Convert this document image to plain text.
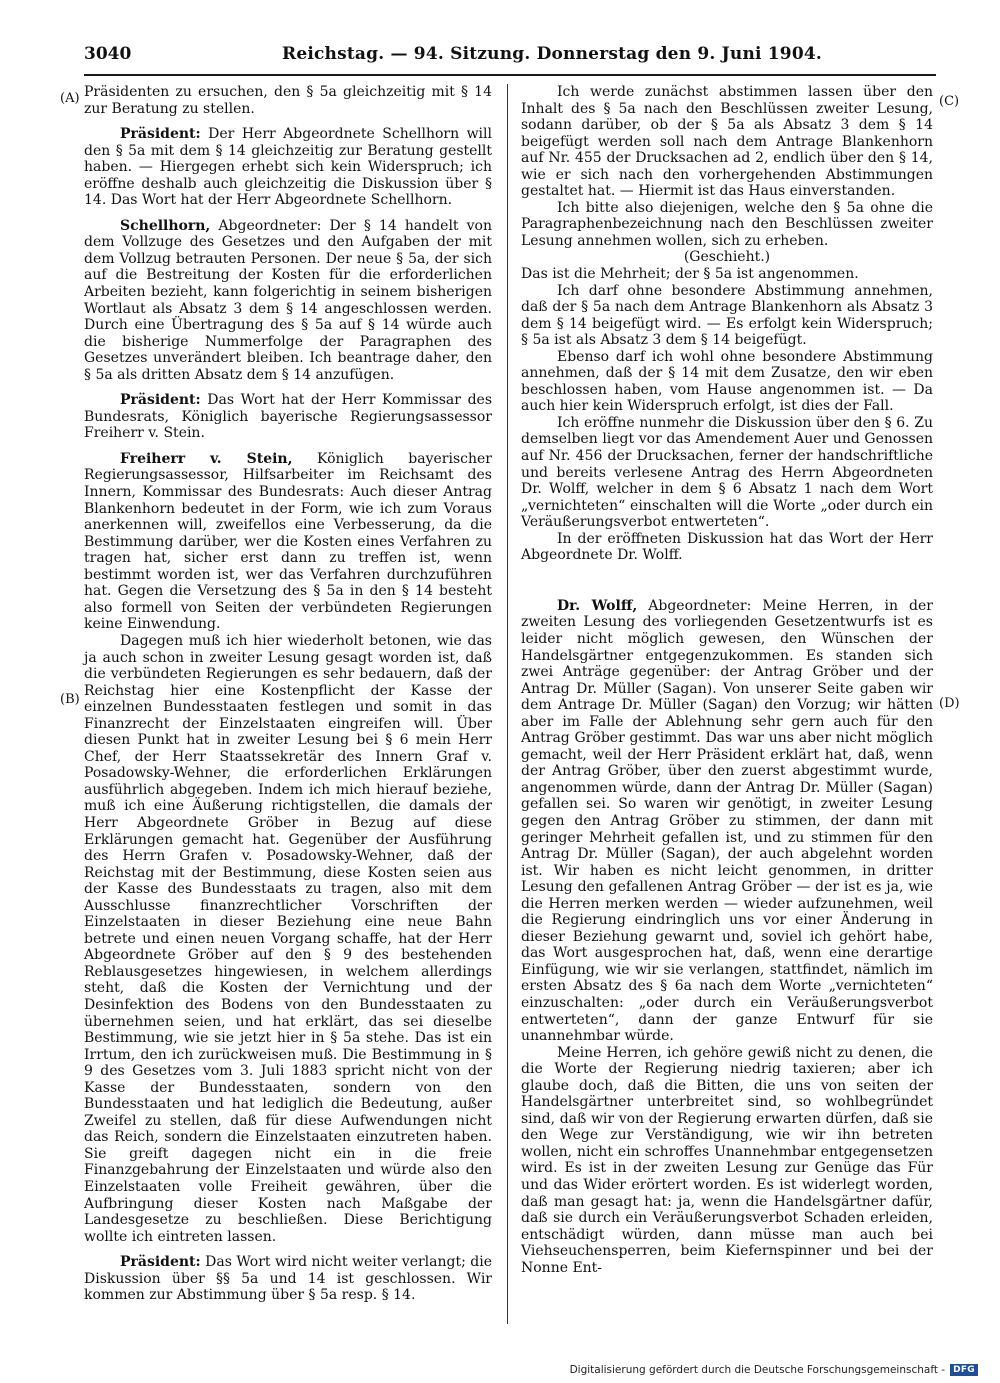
3040	Reichstag. — 94. Sitzung. Donnerstag den 9. Juni 1904.
(A)
(B)
(C)
(D)

Präsidenten zu ersuchen, den § 5a gleichzeitig mit § 14 zur Beratung zu stellen.

Präsident: Der Herr Abgeordnete Schellhorn will den § 5a mit dem § 14 gleichzeitig zur Beratung gestellt haben. — Hiergegen erhebt sich kein Widerspruch; ich eröffne deshalb auch gleichzeitig die Diskussion über § 14. Das Wort hat der Herr Abgeordnete Schellhorn.

Schellhorn, Abgeordneter: Der § 14 handelt von dem Vollzuge des Gesetzes und den Aufgaben der mit dem Vollzug betrauten Personen. Der neue § 5a, der sich auf die Bestreitung der Kosten für die erforderlichen Arbeiten bezieht, kann folgerichtig in seinem bisherigen Wortlaut als Absatz 3 dem § 14 angeschlossen werden. Durch eine Übertragung des § 5a auf § 14 würde auch die bisherige Nummerfolge der Paragraphen des Gesetzes unverändert bleiben. Ich beantrage daher, den § 5a als dritten Absatz dem § 14 anzufügen.

Präsident: Das Wort hat der Herr Kommissar des Bundesrats, Königlich bayerische Regierungsassessor Freiherr v. Stein.

Freiherr v. Stein, Königlich bayerischer Regierungsassessor, Hilfsarbeiter im Reichsamt des Innern, Kommissar des Bundesrats: Auch dieser Antrag Blankenhorn bedeutet in der Form, wie ich zum Voraus anerkennen will, zweifellos eine Verbesserung, da die Bestimmung darüber, wer die Kosten eines Verfahren zu tragen hat, sicher erst dann zu treffen ist, wenn bestimmt worden ist, wer das Verfahren durchzuführen hat. Gegen die Versetzung des § 5a in den § 14 besteht also formell von Seiten der verbündeten Regierungen keine Einwendung.

Dagegen muß ich hier wiederholt betonen, wie das ja auch schon in zweiter Lesung gesagt worden ist, daß die verbündeten Regierungen es sehr bedauern, daß der Reichstag hier eine Kostenpflicht der Kasse der einzelnen Bundesstaaten festlegen und somit in das Finanzrecht der Einzelstaaten eingreifen will. Über diesen Punkt hat in zweiter Lesung bei § 6 mein Herr Chef, der Herr Staatssekretär des Innern Graf v. Posadowsky-Wehner, die erforderlichen Erklärungen ausführlich abgegeben. Indem ich mich hierauf beziehe, muß ich eine Äußerung richtigstellen, die damals der Herr Abgeordnete Gröber in Bezug auf diese Erklärungen gemacht hat. Gegenüber der Ausführung des Herrn Grafen v. Posadowsky-Wehner, daß der Reichstag mit der Bestimmung, diese Kosten seien aus der Kasse des Bundesstaats zu tragen, also mit dem Ausschlusse finanzrechtlicher Vorschriften der Einzelstaaten in dieser Beziehung eine neue Bahn betrete und einen neuen Vorgang schaffe, hat der Herr Abgeordnete Gröber auf den § 9 des bestehenden Reblausgesetzes hingewiesen, in welchem allerdings steht, daß die Kosten der Vernichtung und der Desinfektion des Bodens von den Bundesstaaten zu übernehmen seien, und hat erklärt, das sei dieselbe Bestimmung, wie sie jetzt hier in § 5a stehe. Das ist ein Irrtum, den ich zurückweisen muß. Die Bestimmung in § 9 des Gesetzes vom 3. Juli 1883 spricht nicht von der Kasse der Bundesstaaten, sondern von den Bundesstaaten und hat lediglich die Bedeutung, außer Zweifel zu stellen, daß für diese Aufwendungen nicht das Reich, sondern die Einzelstaaten einzutreten haben. Sie greift dagegen nicht ein in die freie Finanzgebahrung der Einzelstaaten und würde also den Einzelstaaten volle Freiheit gewähren, über die Aufbringung dieser Kosten nach Maßgabe der Landesgesetze zu beschließen. Diese Berichtigung wollte ich eintreten lassen.

Präsident: Das Wort wird nicht weiter verlangt; die Diskussion über §§ 5a und 14 ist geschlossen. Wir kommen zur Abstimmung über § 5a resp. § 14.

Ich werde zunächst abstimmen lassen über den Inhalt des § 5a nach den Beschlüssen zweiter Lesung, sodann darüber, ob der § 5a als Absatz 3 dem § 14 beigefügt werden soll nach dem Antrage Blankenhorn auf Nr. 455 der Drucksachen ad 2, endlich über den § 14, wie er sich nach den vorhergehenden Abstimmungen gestaltet hat. — Hiermit ist das Haus einverstanden.

Ich bitte also diejenigen, welche den § 5a ohne die Paragraphenbezeichnung nach den Beschlüssen zweiter Lesung annehmen wollen, sich zu erheben.

(Geschieht.)

Das ist die Mehrheit; der § 5a ist angenommen.

Ich darf ohne besondere Abstimmung annehmen, daß der § 5a nach dem Antrage Blankenhorn als Absatz 3 dem § 14 beigefügt wird. — Es erfolgt kein Widerspruch; § 5a ist als Absatz 3 dem § 14 beigefügt.

Ebenso darf ich wohl ohne besondere Abstimmung annehmen, daß der § 14 mit dem Zusatze, den wir eben beschlossen haben, vom Hause angenommen ist. — Da auch hier kein Widerspruch erfolgt, ist dies der Fall.

Ich eröffne nunmehr die Diskussion über den § 6. Zu demselben liegt vor das Amendement Auer und Genossen auf Nr. 456 der Drucksachen, ferner der handschriftliche und bereits verlesene Antrag des Herrn Abgeordneten Dr. Wolff, welcher in dem § 6 Absatz 1 nach dem Wort „vernichteten“ einschalten will die Worte „oder durch ein Veräußerungsverbot entwerteten“.

In der eröffneten Diskussion hat das Wort der Herr Abgeordnete Dr. Wolff.

Dr. Wolff, Abgeordneter: Meine Herren, in der zweiten Lesung des vorliegenden Gesetzentwurfs ist es leider nicht möglich gewesen, den Wünschen der Handelsgärtner entgegenzukommen. Es standen sich zwei Anträge gegenüber: der Antrag Gröber und der Antrag Dr. Müller (Sagan). Von unserer Seite gaben wir dem Antrage Dr. Müller (Sagan) den Vorzug; wir hätten aber im Falle der Ablehnung sehr gern auch für den Antrag Gröber gestimmt. Das war uns aber nicht möglich gemacht, weil der Herr Präsident erklärt hat, daß, wenn der Antrag Gröber, über den zuerst abgestimmt wurde, angenommen würde, dann der Antrag Dr. Müller (Sagan) gefallen sei. So waren wir genötigt, in zweiter Lesung gegen den Antrag Gröber zu stimmen, der dann mit geringer Mehrheit gefallen ist, und zu stimmen für den Antrag Dr. Müller (Sagan), der auch abgelehnt worden ist. Wir haben es nicht leicht genommen, in dritter Lesung den gefallenen Antrag Gröber — der ist es ja, wie die Herren merken werden — wieder aufzunehmen, weil die Regierung eindringlich uns vor einer Änderung in dieser Beziehung gewarnt und, soviel ich gehört habe, das Wort ausgesprochen hat, daß, wenn eine derartige Einfügung, wie wir sie verlangen, stattfindet, nämlich im ersten Absatz des § 6a nach dem Worte „vernichteten“ einzuschalten: „oder durch ein Veräußerungsverbot entwerteten“, dann der ganze Entwurf für sie unannehmbar würde.

Meine Herren, ich gehöre gewiß nicht zu denen, die die Worte der Regierung niedrig taxieren; aber ich glaube doch, daß die Bitten, die uns von seiten der Handelsgärtner unterbreitet sind, so wohlbegründet sind, daß wir von der Regierung erwarten dürfen, daß sie den Wege zur Verständigung, wie wir ihn betreten wollen, nicht ein schroffes Unannehmbar entgegensetzen wird. Es ist in der zweiten Lesung zur Genüge das Für und das Wider erörtert worden. Es ist widerlegt worden, daß man gesagt hat: ja, wenn die Handelsgärtner dafür, daß sie durch ein Veräußerungsverbot Schaden erleiden, entschädigt würden, dann müsse man auch bei Viehseuchensperren, beim Kiefernspinner und bei der Nonne Ent-

Digitalisierung gefördert durch die Deutsche Forschungsgemeinschaft - DFG
